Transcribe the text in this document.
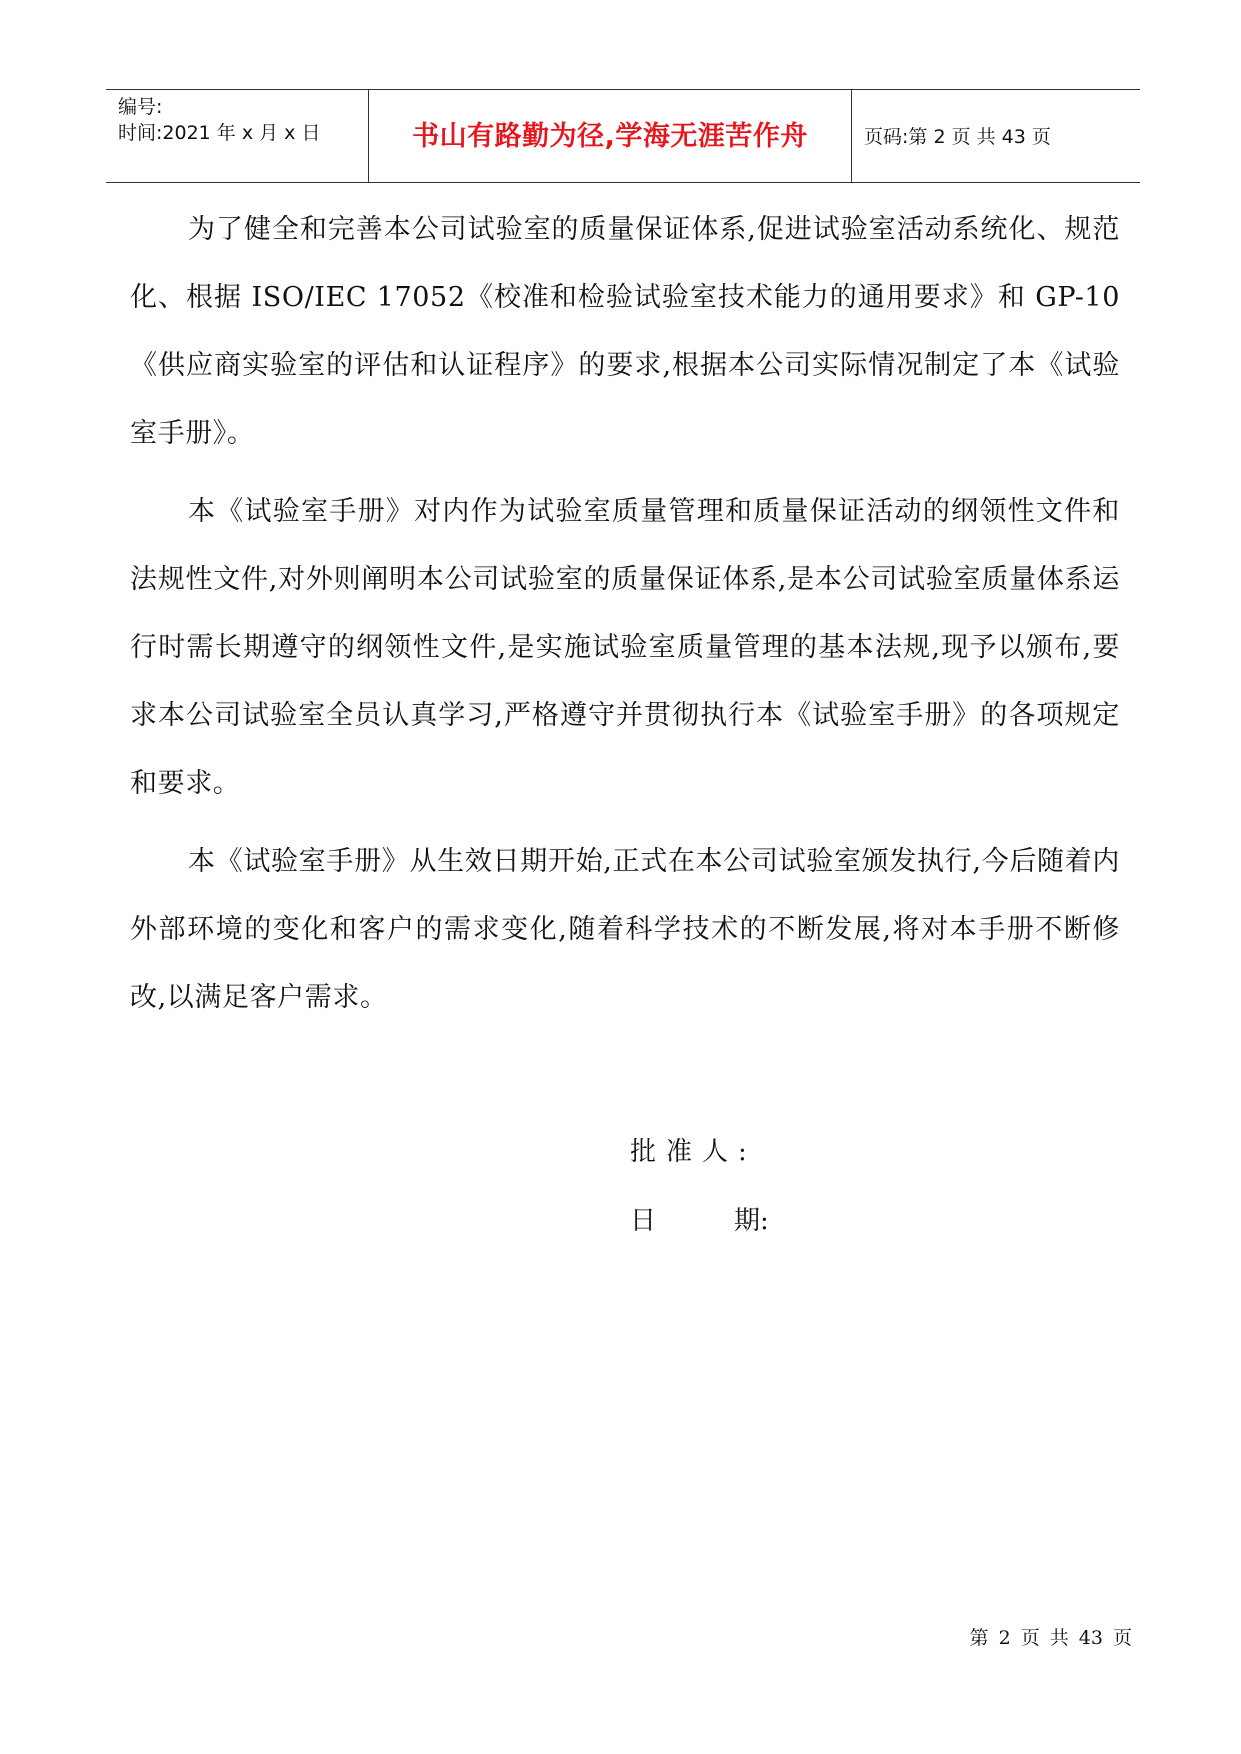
编号:
时间:2021 年 x 月 x 日	书山有路勤为径,学海无涯苦作舟	页码:第 2 页 共 43 页

为了健全和完善本公司试验室的质量保证体系,促进试验室活动系统化、规范化、根据 ISO/IEC 17052《校准和检验试验室技术能力的通用要求》和 GP-10《供应商实验室的评估和认证程序》的要求,根据本公司实际情况制定了本《试验室手册》。

本《试验室手册》对内作为试验室质量管理和质量保证活动的纲领性文件和法规性文件,对外则阐明本公司试验室的质量保证体系,是本公司试验室质量体系运行时需长期遵守的纲领性文件,是实施试验室质量管理的基本法规,现予以颁布,要求本公司试验室全员认真学习,严格遵守并贯彻执行本《试验室手册》的各项规定和要求。

本《试验室手册》从生效日期开始,正式在本公司试验室颁发执行,今后随着内外部环境的变化和客户的需求变化,随着科学技术的不断发展,将对本手册不断修改,以满足客户需求。

批准人:
日	期:
第 2 页 共 43 页
